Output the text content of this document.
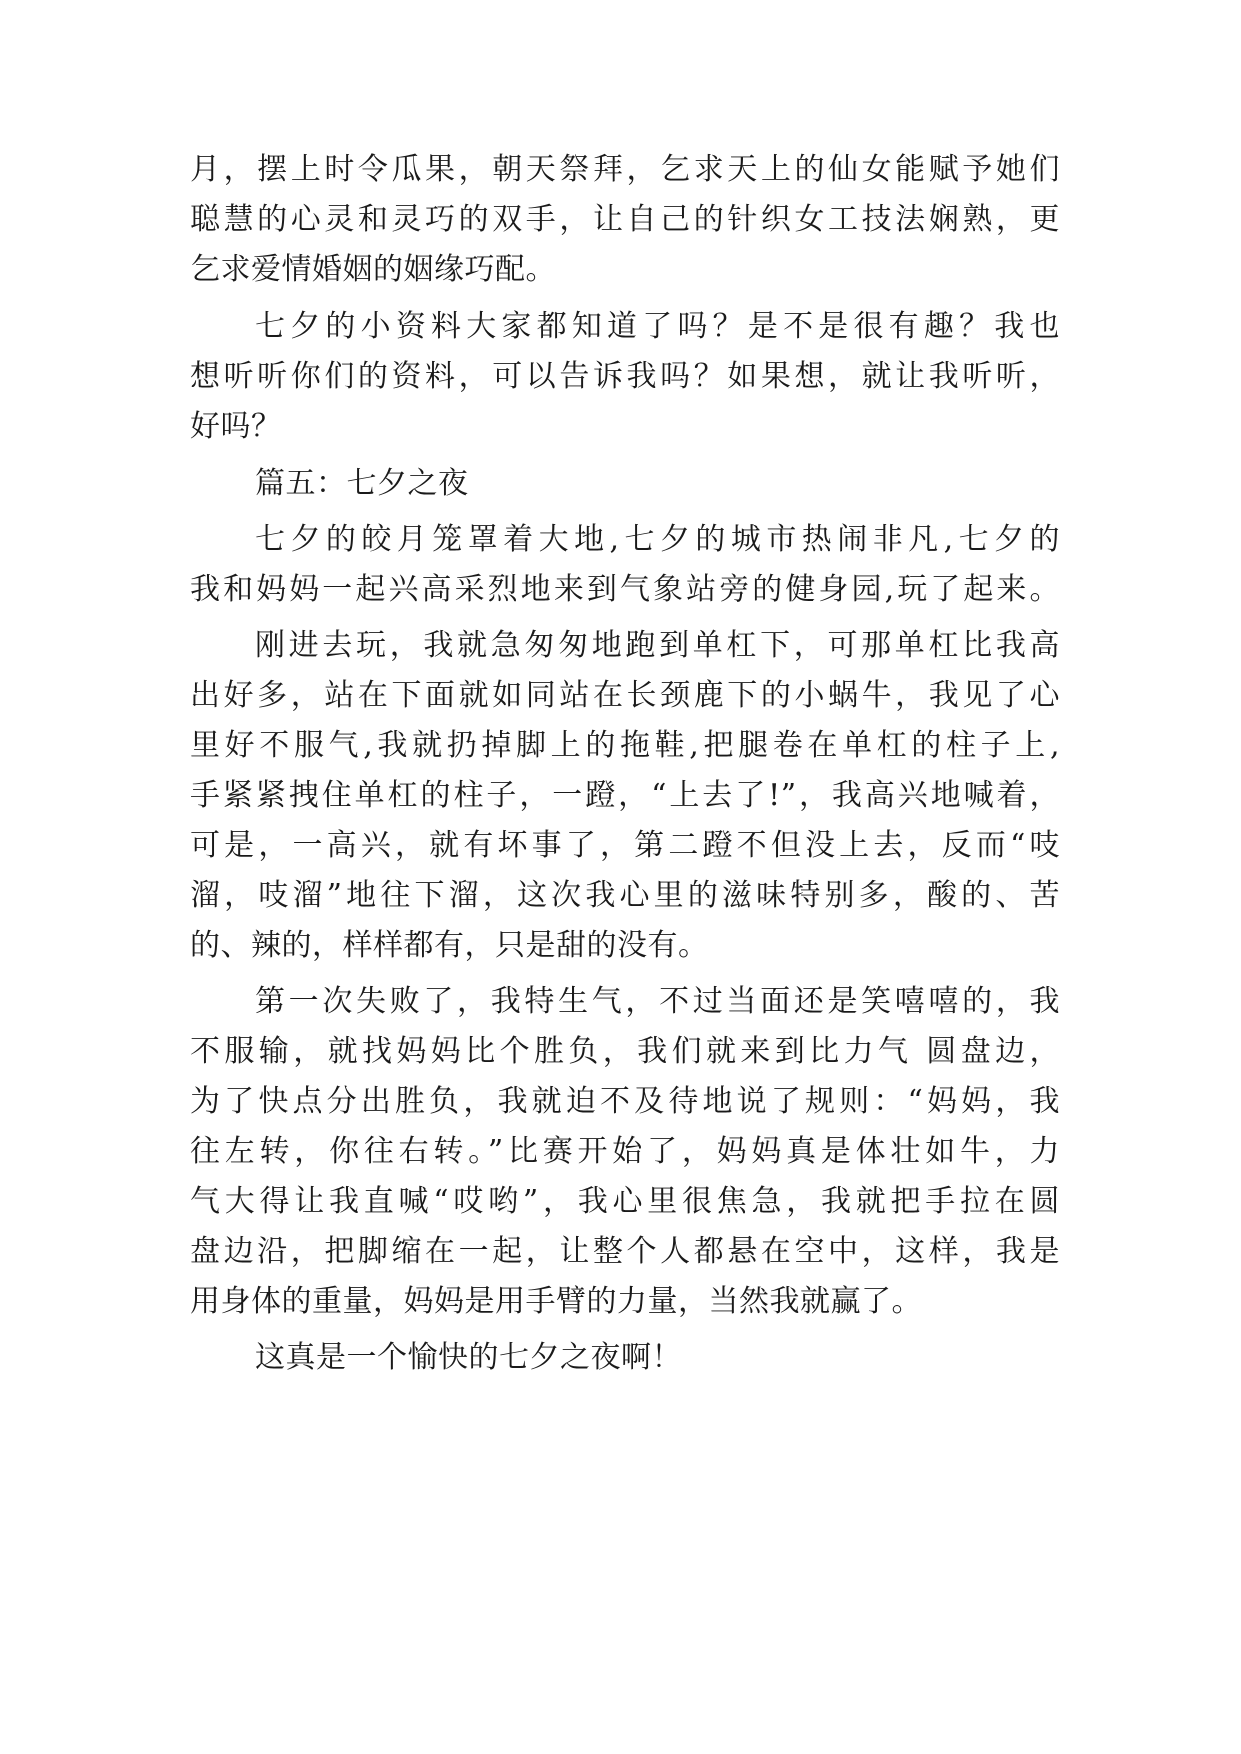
月，摆上时令瓜果，朝天祭拜，乞求天上的仙女能赋予她们
聪慧的心灵和灵巧的双手，让自己的针织女工技法娴熟，更
乞求爱情婚姻的姻缘巧配。
七夕的小资料大家都知道了吗？是不是很有趣？我也
想听听你们的资料，可以告诉我吗？如果想，就让我听听，
好吗？
篇五：七夕之夜
七夕的皎月笼罩着大地,七夕的城市热闹非凡,七夕的
我和妈妈一起兴高采烈地来到气象站旁的健身园,玩了起来。
刚进去玩，我就急匆匆地跑到单杠下，可那单杠比我高
出好多，站在下面就如同站在长颈鹿下的小蜗牛，我见了心
里好不服气,我就扔掉脚上的拖鞋,把腿卷在单杠的柱子上,
手紧紧拽住单杠的柱子，一蹬，“上去了!”，我高兴地喊着，
可是，一高兴，就有坏事了，第二蹬不但没上去，反而“吱
溜，吱溜”地往下溜，这次我心里的滋味特别多，酸的、苦
的、辣的，样样都有，只是甜的没有。
第一次失败了，我特生气，不过当面还是笑嘻嘻的，我
不服输，就找妈妈比个胜负，我们就来到比力气 圆盘边，
为了快点分出胜负，我就迫不及待地说了规则：“妈妈，我
往左转，你往右转。”比赛开始了，妈妈真是体壮如牛，力
气大得让我直喊“哎哟”，我心里很焦急，我就把手拉在圆
盘边沿，把脚缩在一起，让整个人都悬在空中，这样，我是
用身体的重量，妈妈是用手臂的力量，当然我就赢了。
这真是一个愉快的七夕之夜啊！
